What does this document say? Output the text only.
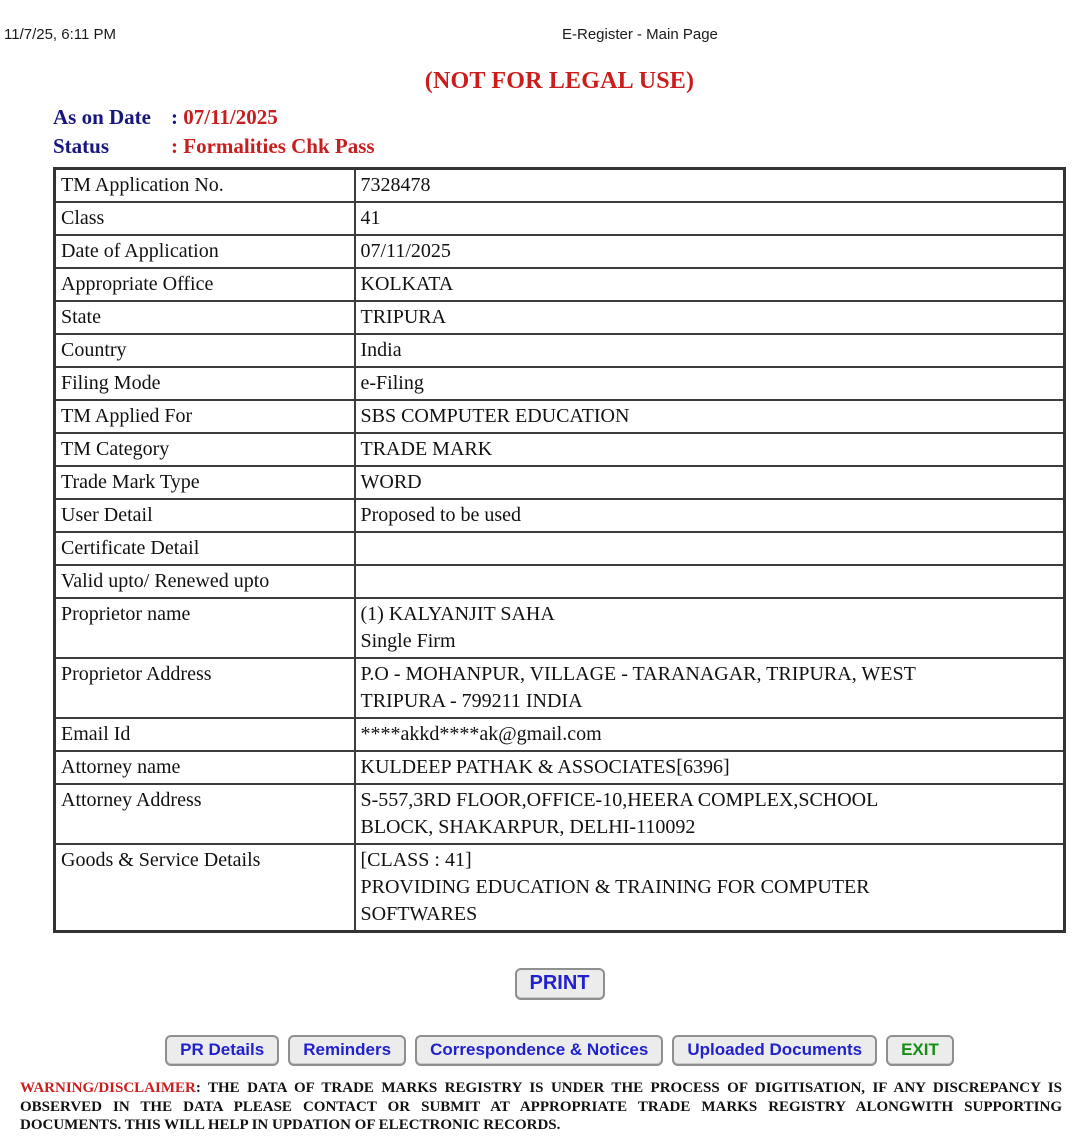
11/7/25, 6:11 PM	E-Register - Main Page
(NOT FOR LEGAL USE)
As on Date : 07/11/2025
Status	: Formalities Chk Pass
TM Application No.	7328478

Class	41

Date of Application	07/11/2025

Appropriate Office	KOLKATA

State	TRIPURA

Country	India

Filing Mode	e-Filing

TM Applied For	SBS COMPUTER EDUCATION

TM Category	TRADE MARK

Trade Mark Type	WORD

User Detail	Proposed to be used

Certificate Detail	

Valid upto/ Renewed upto	

Proprietor name	(1) KALYANJIT SAHA
Single Firm

Proprietor Address	P.O - MOHANPUR, VILLAGE - TARANAGAR, TRIPURA, WEST
TRIPURA - 799211 INDIA

Email Id	****akkd****ak@gmail.com

Attorney name	KULDEEP PATHAK & ASSOCIATES[6396]

Attorney Address	S-557,3RD FLOOR,OFFICE-10,HEERA COMPLEX,SCHOOL
BLOCK, SHAKARPUR, DELHI-110092

Goods & Service Details	[CLASS : 41]
PROVIDING EDUCATION & TRAINING FOR COMPUTER
SOFTWARES
PRINT
PR Details	Reminders	Correspondence & Notices	Uploaded Documents	EXIT

WARNING/DISCLAIMER: THE DATA OF TRADE MARKS REGISTRY IS UNDER THE PROCESS OF DIGITISATION, IF ANY DISCREPANCY IS OBSERVED IN THE DATA PLEASE CONTACT OR SUBMIT AT APPROPRIATE TRADE MARKS REGISTRY ALONGWITH SUPPORTING DOCUMENTS. THIS WILL HELP IN UPDATION OF ELECTRONIC RECORDS.
